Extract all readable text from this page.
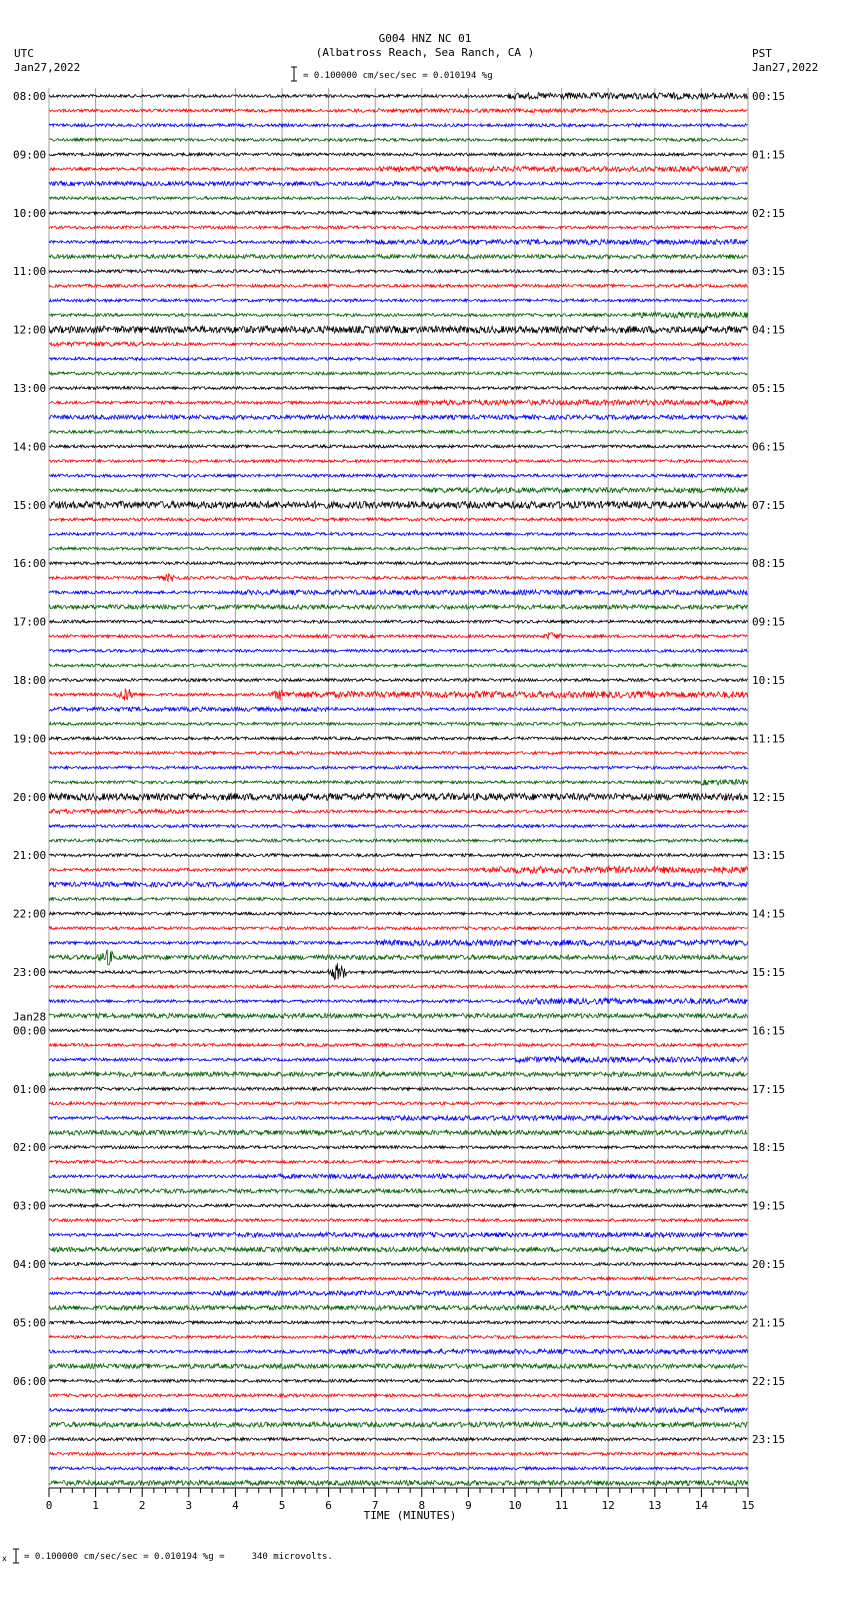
G004 HNZ NC 01
(Albatross Reach, Sea Ranch, CA )
= 0.100000 cm/sec/sec = 0.010194 %g
UTC
Jan27,2022
PST
Jan27,2022
08:00
09:00
10:00
11:00
12:00
13:00
14:00
15:00
16:00
17:00
18:00
19:00
20:00
21:00
22:00
23:00
00:00
01:00
02:00
03:00
04:00
05:00
06:00
07:00
00:15
01:15
02:15
03:15
04:15
05:15
06:15
07:15
08:15
09:15
10:15
11:15
12:15
13:15
14:15
15:15
16:15
17:15
18:15
19:15
20:15
21:15
22:15
23:15
Jan28
0	1	2	3	4	5	6	7	8	9	10	11	12	13	14	15
TIME (MINUTES)
x = 0.100000 cm/sec/sec = 0.010194 %g =     340 microvolts.
